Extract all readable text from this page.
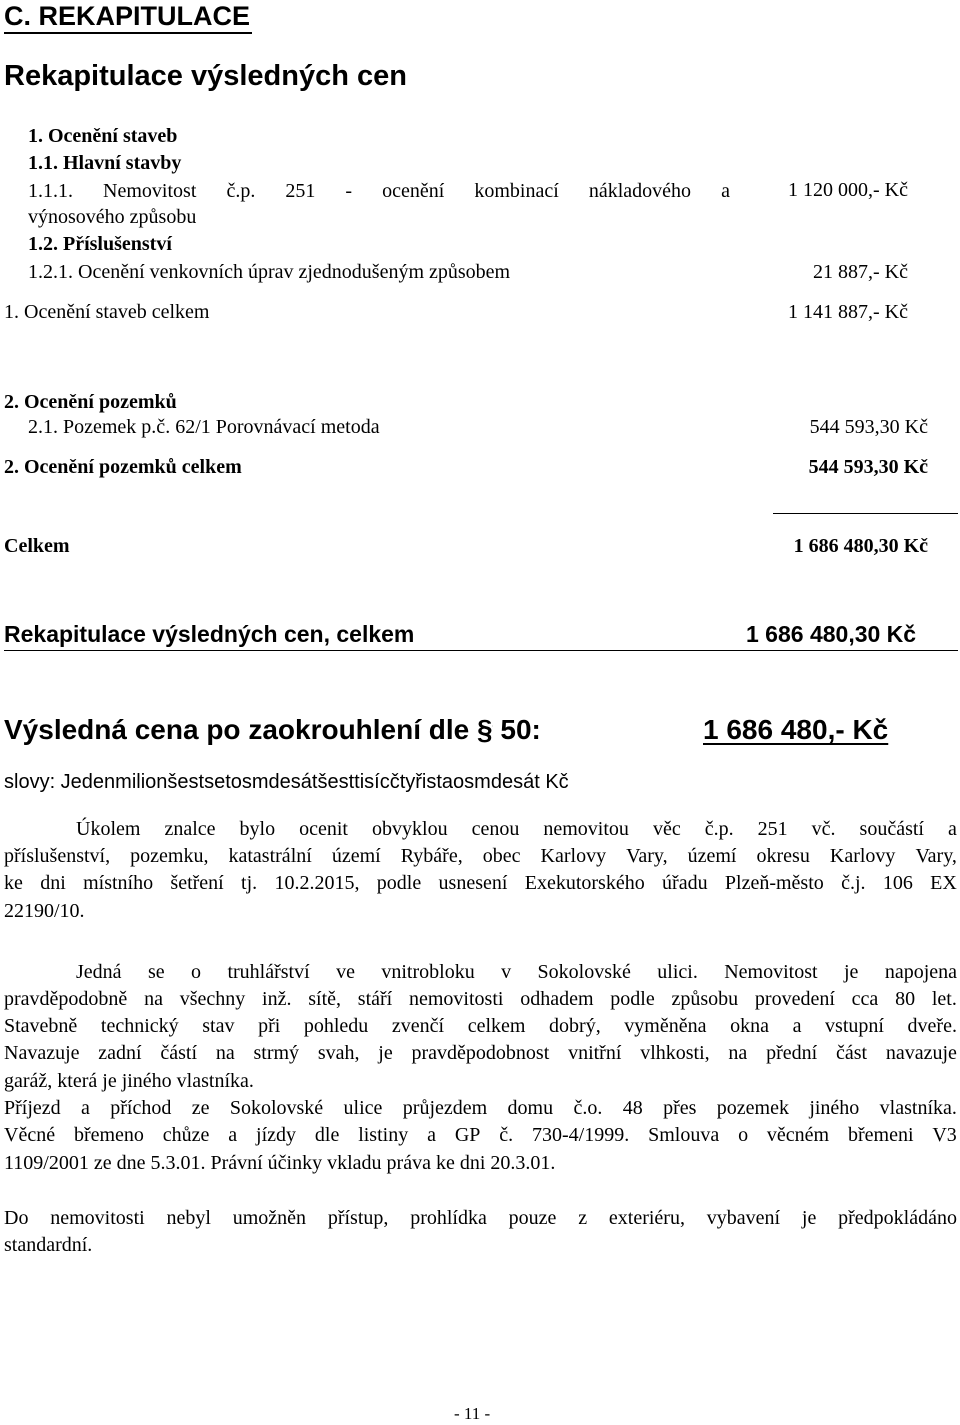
C. REKAPITULACE
Rekapitulace výsledných cen
1. Ocenění staveb
1.1. Hlavní stavby
1.1.1. Nemovitost č.p. 251 - ocenění kombinací nákladového a
výnosového způsobu
1 120 000,- Kč
1.2. Příslušenství
1.2.1. Ocenění venkovních úprav zjednodušeným způsobem	21 887,- Kč
1. Ocenění staveb celkem	1 141 887,- Kč
2. Ocenění pozemků
2.1. Pozemek p.č. 62/1 Porovnávací metoda	544 593,30 Kč
2. Ocenění pozemků celkem	544 593,30 Kč
Celkem	1 686 480,30 Kč
Rekapitulace výsledných cen, celkem	1 686 480,30 Kč
Výsledná cena po zaokrouhlení dle § 50:	1 686 480,- Kč
slovy: Jedenmilionšestsetosmdesátšesttisícčtyřistaosmdesát Kč
Úkolem znalce bylo ocenit obvyklou cenou nemovitou věc č.p. 251 vč. součástí a
příslušenství, pozemku, katastrální území Rybáře, obec Karlovy Vary, území okresu Karlovy Vary,
ke dni místního šetření tj. 10.2.2015, podle usnesení Exekutorského úřadu Plzeň-město č.j. 106 EX
22190/10.
Jedná se o truhlářství ve vnitrobloku v Sokolovské ulici. Nemovitost je napojena
pravděpodobně na všechny inž. sítě, stáří nemovitosti odhadem podle způsobu provedení cca 80 let.
Stavebně technický stav při pohledu zvenčí celkem dobrý, vyměněna okna a vstupní dveře.
Navazuje zadní částí na strmý svah, je pravděpodobnost vnitřní vlhkosti, na přední část navazuje
garáž, která je jiného vlastníka.
Příjezd a příchod ze Sokolovské ulice průjezdem domu č.o. 48 přes pozemek jiného vlastníka.
Věcné břemeno chůze a jízdy dle listiny a GP č. 730-4/1999. Smlouva o věcném břemeni V3
1109/2001 ze dne 5.3.01. Právní účinky vkladu práva ke dni 20.3.01.
Do nemovitosti nebyl umožněn přístup, prohlídka pouze z exteriéru, vybavení je předpokládáno
standardní.
- 11 -
